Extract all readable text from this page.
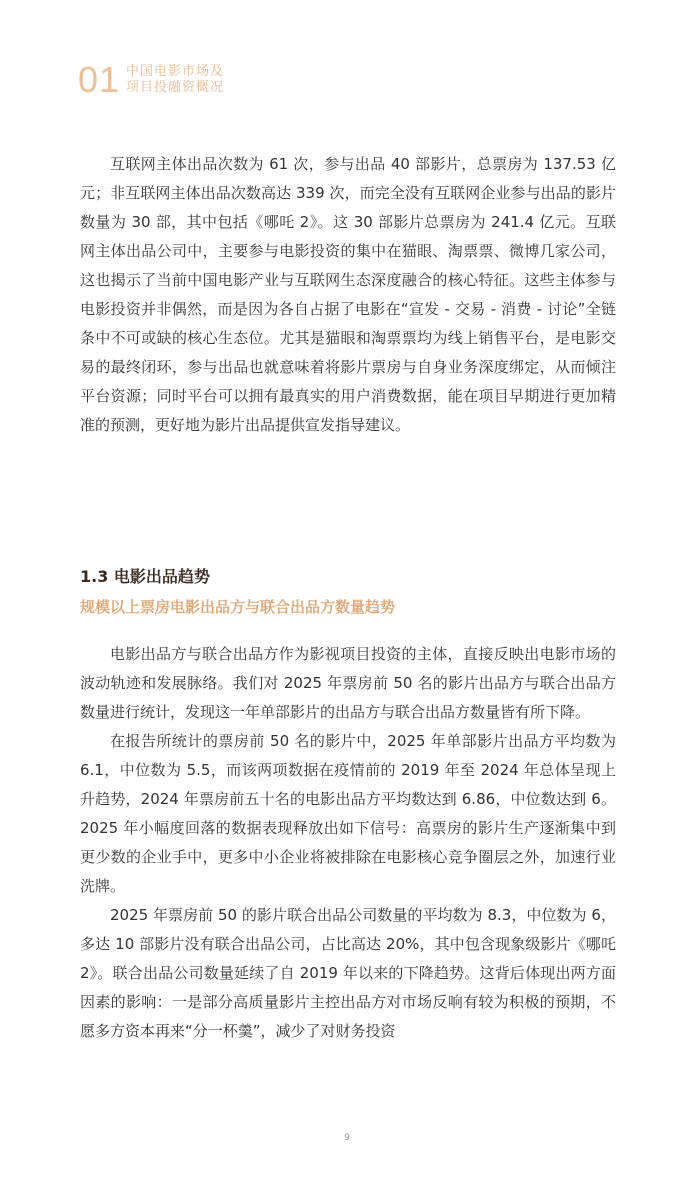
01 中国电影市场及
项目投融资概况

互联网主体出品次数为 61 次，参与出品 40 部影片，总票房为 137.53 亿元；非互联网主体出品次数高达 339 次，而完全没有互联网企业参与出品的影片数量为 30 部，其中包括《哪吒 2》。这 30 部影片总票房为 241.4 亿元。互联网主体出品公司中，主要参与电影投资的集中在猫眼、淘票票、微博几家公司，这也揭示了当前中国电影产业与互联网生态深度融合的核心特征。这些主体参与电影投资并非偶然，而是因为各自占据了电影在“宣发 - 交易 - 消费 - 讨论”全链条中不可或缺的核心生态位。尤其是猫眼和淘票票均为线上销售平台，是电影交易的最终闭环，参与出品也就意味着将影片票房与自身业务深度绑定，从而倾注平台资源；同时平台可以拥有最真实的用户消费数据，能在项目早期进行更加精准的预测，更好地为影片出品提供宣发指导建议。

1.3 电影出品趋势
规模以上票房电影出品方与联合出品方数量趋势

电影出品方与联合出品方作为影视项目投资的主体，直接反映出电影市场的波动轨迹和发展脉络。我们对 2025 年票房前 50 名的影片出品方与联合出品方数量进行统计，发现这一年单部影片的出品方与联合出品方数量皆有所下降。

在报告所统计的票房前 50 名的影片中，2025 年单部影片出品方平均数为 6.1，中位数为 5.5，而该两项数据在疫情前的 2019 年至 2024 年总体呈现上升趋势，2024 年票房前五十名的电影出品方平均数达到 6.86，中位数达到 6。2025 年小幅度回落的数据表现释放出如下信号：高票房的影片生产逐渐集中到更少数的企业手中，更多中小企业将被排除在电影核心竞争圈层之外，加速行业洗牌。

2025 年票房前 50 的影片联合出品公司数量的平均数为 8.3，中位数为 6，多达 10 部影片没有联合出品公司，占比高达 20%，其中包含现象级影片《哪吒 2》。联合出品公司数量延续了自 2019 年以来的下降趋势。这背后体现出两方面因素的影响：一是部分高质量影片主控出品方对市场反响有较为积极的预期，不愿多方资本再来“分一杯羹”，减少了对财务投资

9
